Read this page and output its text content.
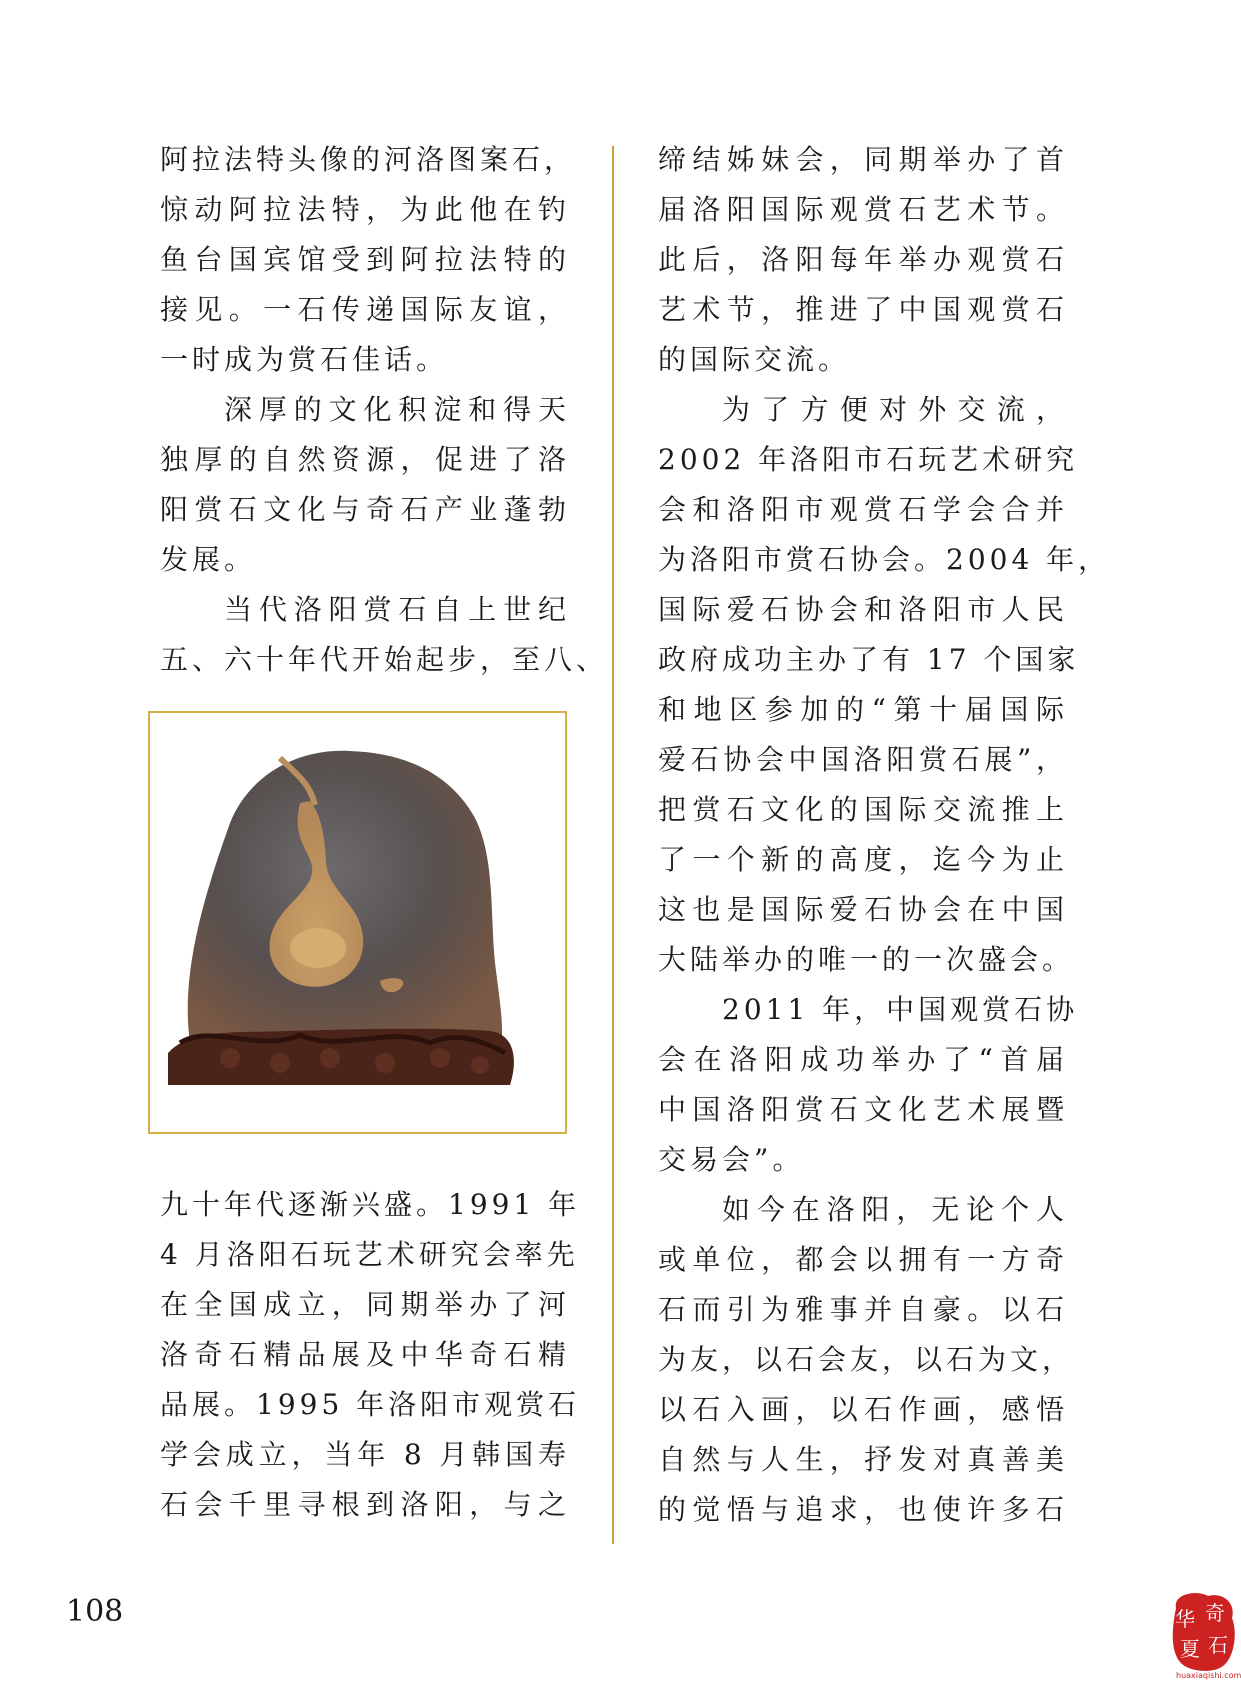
阿拉法特头像的河洛图案石，

惊动阿拉法特，为此他在钓

鱼台国宾馆受到阿拉法特的

接见。一石传递国际友谊，

一时成为赏石佳话。

深厚的文化积淀和得天

独厚的自然资源，促进了洛

阳赏石文化与奇石产业蓬勃

发展。

当代洛阳赏石自上世纪

五、六十年代开始起步，至八、

九十年代逐渐兴盛。1991 年

4 月洛阳石玩艺术研究会率先

在全国成立，同期举办了河

洛奇石精品展及中华奇石精

品展。1995 年洛阳市观赏石

学会成立，当年 8 月韩国寿

石会千里寻根到洛阳，与之

缔结姊妹会，同期举办了首

届洛阳国际观赏石艺术节。

此后，洛阳每年举办观赏石

艺术节，推进了中国观赏石

的国际交流。

为了方便对外交流，

2002 年洛阳市石玩艺术研究

会和洛阳市观赏石学会合并

为洛阳市赏石协会。2004 年，

国际爱石协会和洛阳市人民

政府成功主办了有 17 个国家

和地区参加的“第十届国际

爱石协会中国洛阳赏石展”，

把赏石文化的国际交流推上

了一个新的高度，迄今为止

这也是国际爱石协会在中国

大陆举办的唯一的一次盛会。

2011 年，中国观赏石协

会在洛阳成功举办了“首届

中国洛阳赏石文化艺术展暨

交易会”。

如今在洛阳，无论个人

或单位，都会以拥有一方奇

石而引为雅事并自豪。以石

为友，以石会友，以石为文，

以石入画，以石作画，感悟

自然与人生，抒发对真善美

的觉悟与追求，也使许多石

108	华 奇
夏 石
huaxiaqishi.com
